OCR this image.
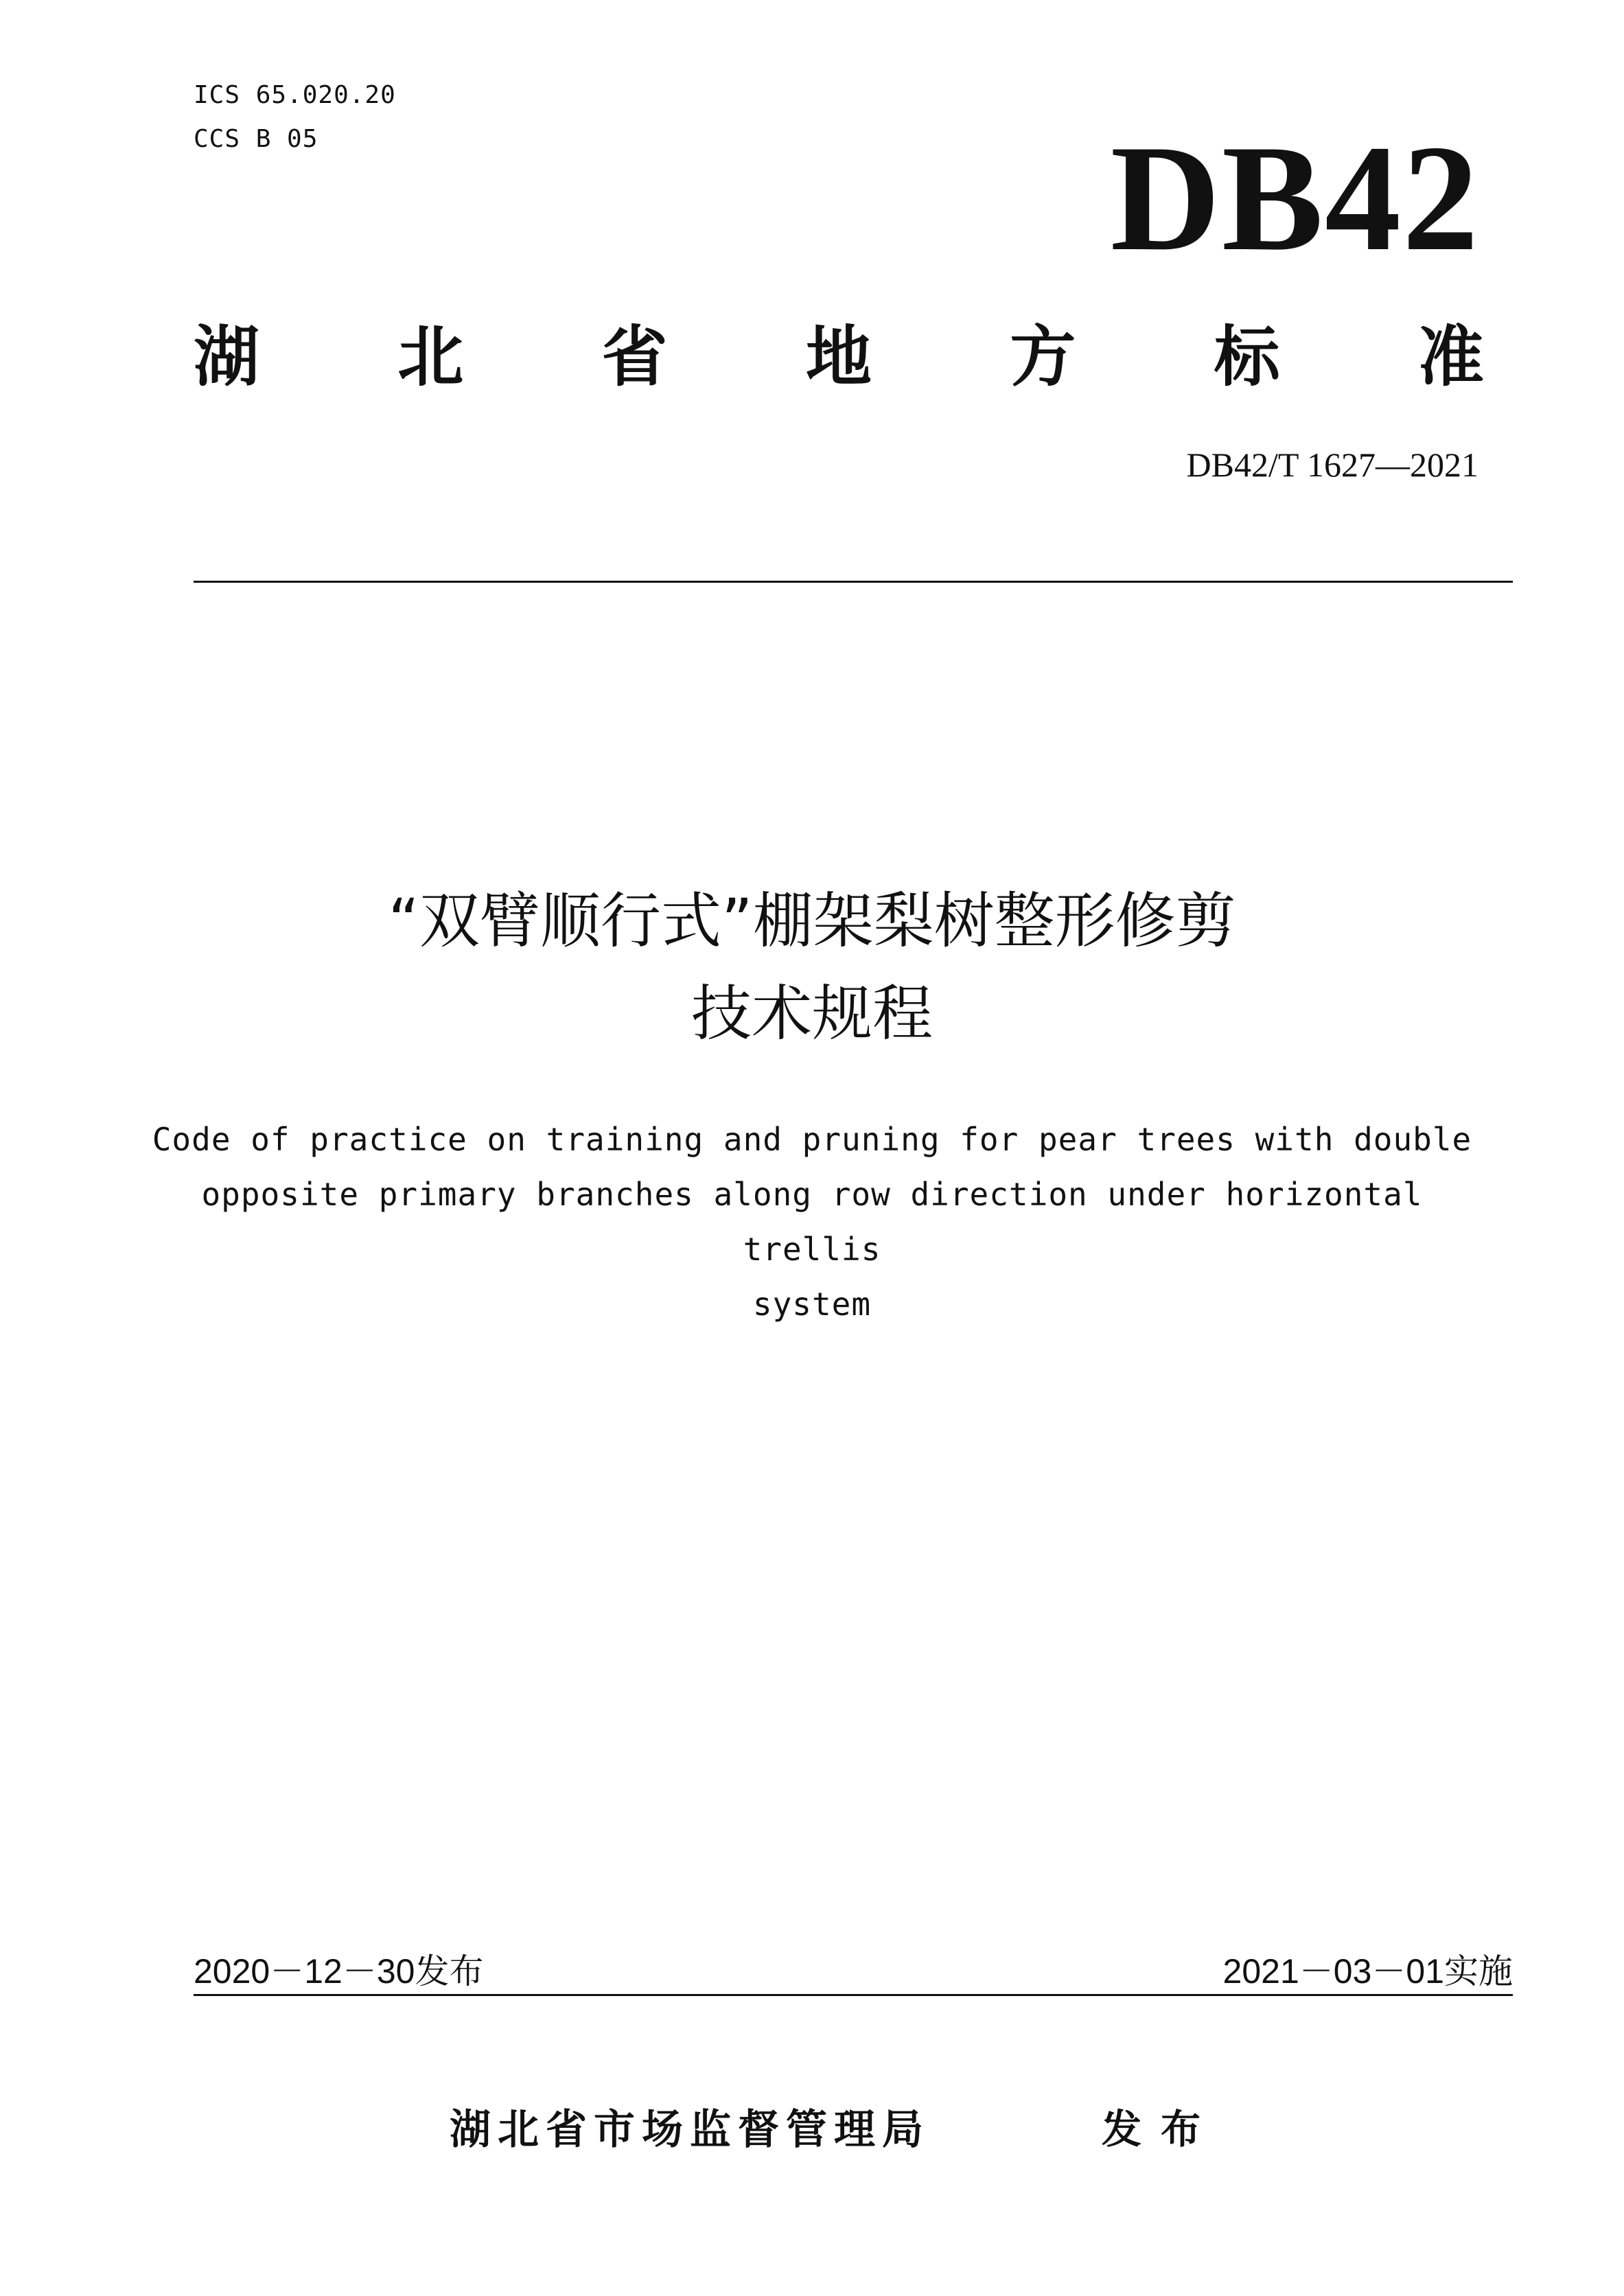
ICS 65.020.20
CCS B 05	DB42
湖 北 省 地 方 标 准
DB42/T 1627—2021
“双臂顺行式”棚架梨树整形修剪
技术规程
Code of practice on training and pruning for pear trees with double
opposite primary branches along row direction under horizontal trellis
system
2020－12－30发布	2021－03－01实施
湖北省市场监督管理局	发布
